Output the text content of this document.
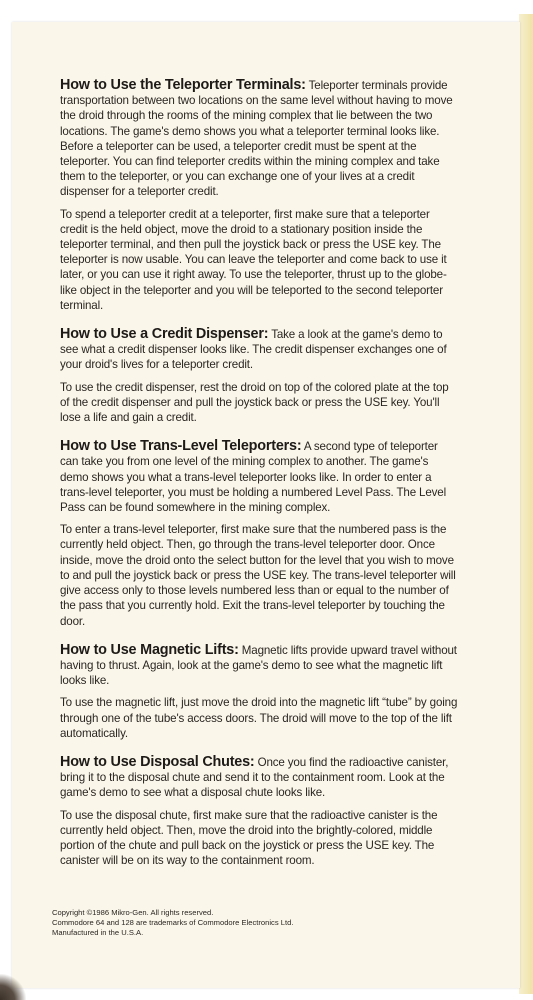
How to Use the Teleporter Terminals: Teleporter terminals provide transportation between two locations on the same level without having to move the droid through the rooms of the mining complex that lie between the two locations. The game's demo shows you what a teleporter terminal looks like. Before a teleporter can be used, a teleporter credit must be spent at the teleporter. You can find teleporter credits within the mining complex and take them to the teleporter, or you can exchange one of your lives at a credit dispenser for a teleporter credit.

To spend a teleporter credit at a teleporter, first make sure that a teleporter credit is the held object, move the droid to a stationary position inside the teleporter terminal, and then pull the joystick back or press the USE key. The teleporter is now usable. You can leave the teleporter and come back to use it later, or you can use it right away. To use the teleporter, thrust up to the globe-like object in the teleporter and you will be teleported to the second teleporter terminal.

How to Use a Credit Dispenser: Take a look at the game's demo to see what a credit dispenser looks like. The credit dispenser exchanges one of your droid's lives for a teleporter credit.

To use the credit dispenser, rest the droid on top of the colored plate at the top of the credit dispenser and pull the joystick back or press the USE key. You'll lose a life and gain a credit.

How to Use Trans-Level Teleporters: A second type of teleporter can take you from one level of the mining complex to another. The game's demo shows you what a trans-level teleporter looks like. In order to enter a trans-level teleporter, you must be holding a numbered Level Pass. The Level Pass can be found somewhere in the mining complex.

To enter a trans-level teleporter, first make sure that the numbered pass is the currently held object. Then, go through the trans-level teleporter door. Once inside, move the droid onto the select button for the level that you wish to move to and pull the joystick back or press the USE key. The trans-level teleporter will give access only to those levels numbered less than or equal to the number of the pass that you currently hold. Exit the trans-level teleporter by touching the door.

How to Use Magnetic Lifts: Magnetic lifts provide upward travel without having to thrust. Again, look at the game's demo to see what the magnetic lift looks like.

To use the magnetic lift, just move the droid into the magnetic lift “tube” by going through one of the tube's access doors. The droid will move to the top of the lift automatically.

How to Use Disposal Chutes: Once you find the radioactive canister, bring it to the disposal chute and send it to the containment room. Look at the game's demo to see what a disposal chute looks like.

To use the disposal chute, first make sure that the radioactive canister is the currently held object. Then, move the droid into the brightly-colored, middle portion of the chute and pull back on the joystick or press the USE key. The canister will be on its way to the containment room.

Copyright ©1986 Mikro-Gen. All rights reserved.
Commodore 64 and 128 are trademarks of Commodore Electronics Ltd.
Manufactured in the U.S.A.
